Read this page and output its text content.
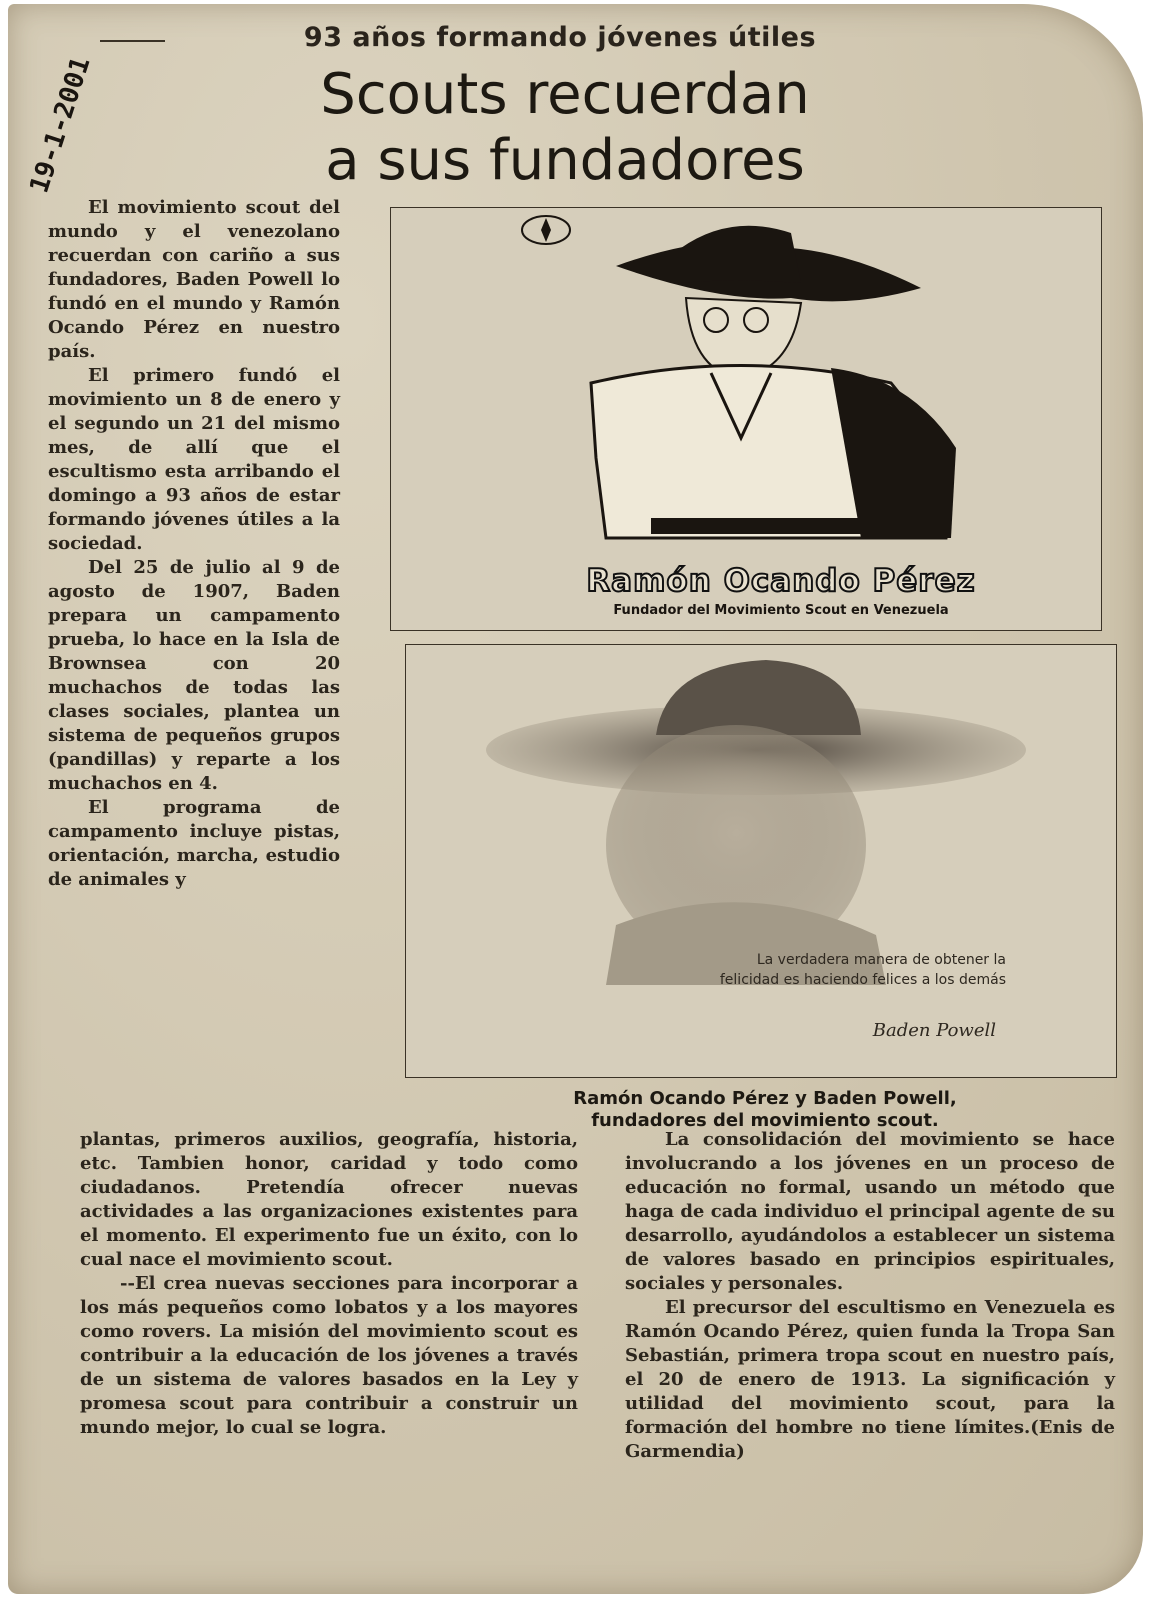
93 años formando jóvenes útiles
Scouts recuerdan
a sus fundadores
19-1-2001

El movimiento scout del mundo y el venezolano recuerdan con cariño a sus fundadores, Baden Powell lo fundó en el mundo y Ramón Ocando Pérez en nuestro país.

El primero fundó el movimiento un 8 de enero y el segundo un 21 del mismo mes, de allí que el escultismo esta arribando el domingo a 93 años de estar formando jóvenes útiles a la sociedad.

Del 25 de julio al 9 de agosto de 1907, Baden prepara un campamento prueba, lo hace en la Isla de Brownsea con 20 muchachos de todas las clases sociales, plantea un sistema de pequeños grupos (pandillas) y reparte a los muchachos en 4.

El programa de campamento incluye pistas, orientación, marcha, estudio de animales y

Ramón Ocando Pérez
Fundador del Movimiento Scout en Venezuela
La verdadera manera de obtener la felicidad es haciendo felices a los demás
Baden Powell
Ramón Ocando Pérez y Baden Powell,
fundadores del movimiento scout.

plantas, primeros auxilios, geografía, historia, etc. Tambien honor, caridad y todo como ciudadanos. Pretendía ofrecer nuevas actividades a las organizaciones existentes para el momento. El experimento fue un éxito, con lo cual nace el movimiento scout.

--El crea nuevas secciones para incorporar a los más pequeños como lobatos y a los mayores como rovers. La misión del movimiento scout es contribuir a la educación de los jóvenes a través de un sistema de valores basados en la Ley y promesa scout para contribuir a construir un mundo mejor, lo cual se logra.

La consolidación del movimiento se hace involucrando a los jóvenes en un proceso de educación no formal, usando un método que haga de cada individuo el principal agente de su desarrollo, ayudándolos a establecer un sistema de valores basado en principios espirituales, sociales y personales.

El precursor del escultismo en Venezuela es Ramón Ocando Pérez, quien funda la Tropa San Sebastián, primera tropa scout en nuestro país, el 20 de enero de 1913. La significación y utilidad del movimiento scout, para la formación del hombre no tiene límites.(Enis de Garmendia)
